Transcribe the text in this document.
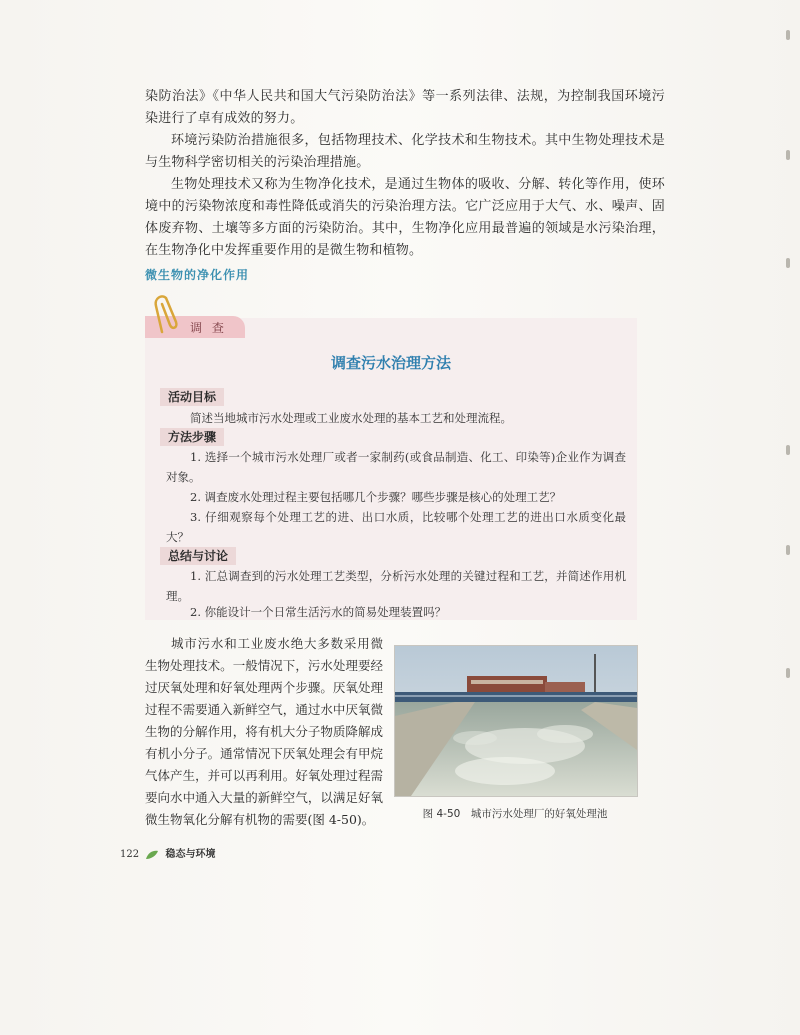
染防治法》《中华人民共和国大气污染防治法》等一系列法律、法规，为控制我国环境污染进行了卓有成效的努力。

环境污染防治措施很多，包括物理技术、化学技术和生物技术。其中生物处理技术是与生物科学密切相关的污染治理措施。

生物处理技术又称为生物净化技术，是通过生物体的吸收、分解、转化等作用，使环境中的污染物浓度和毒性降低或消失的污染治理方法。它广泛应用于大气、水、噪声、固体废弃物、土壤等多方面的污染防治。其中，生物净化应用最普遍的领域是水污染治理，在生物净化中发挥重要作用的是微生物和植物。

微生物的净化作用
调 查
调查污水治理方法
活动目标

简述当地城市污水处理或工业废水处理的基本工艺和处理流程。

方法步骤

1. 选择一个城市污水处理厂或者一家制药(或食品制造、化工、印染等)企业作为调查对象。

2. 调查废水处理过程主要包括哪几个步骤？哪些步骤是核心的处理工艺？

3. 仔细观察每个处理工艺的进、出口水质，比较哪个处理工艺的进出口水质变化最大？

总结与讨论

1. 汇总调查到的污水处理工艺类型，分析污水处理的关键过程和工艺，并简述作用机理。

2. 你能设计一个日常生活污水的简易处理装置吗？

城市污水和工业废水绝大多数采用微生物处理技术。一般情况下，污水处理要经过厌氧处理和好氧处理两个步骤。厌氧处理过程不需要通入新鲜空气，通过水中厌氧微生物的分解作用，将有机大分子物质降解成有机小分子。通常情况下厌氧处理会有甲烷气体产生，并可以再利用。好氧处理过程需要向水中通入大量的新鲜空气，以满足好氧微生物氧化分解有机物的需要(图 4-50)。	图 4-50　城市污水处理厂的好氧处理池

122	稳态与环境
